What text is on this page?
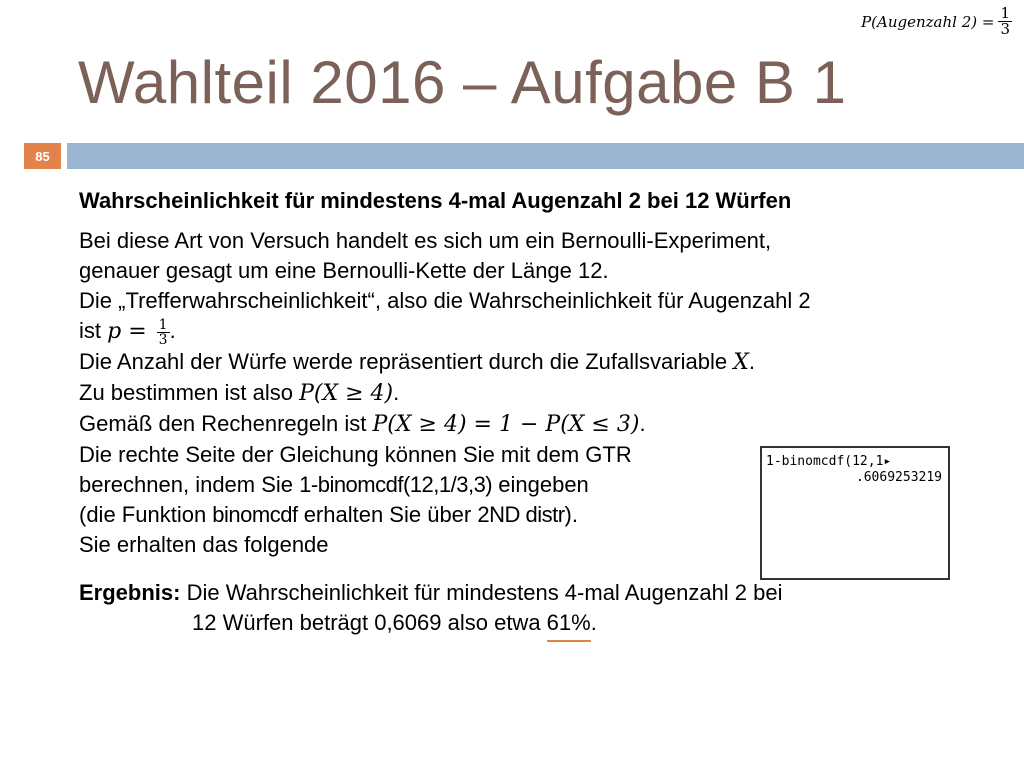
P(Augenzahl $2) = \frac{1}{3}$
Wahlteil 2016 – Aufgabe B 1
85
Wahrscheinlichkeit für mindestens 4-mal Augenzahl 2 bei 12 Würfen
Bei diese Art von Versuch handelt es sich um ein Bernoulli-Experiment,
genauer gesagt um eine Bernoulli-Kette der Länge 12.
Die „Trefferwahrscheinlichkeit“, also die Wahrscheinlichkeit für Augenzahl 2
ist $p = \frac{1}{3}$ .
Die Anzahl der Würfe werde repräsentiert durch die Zufallsvariable X.
Zu bestimmen ist also P(X ≥ 4).
Gemäß den Rechenregeln ist P(X ≥ 4) = 1 − P(X ≤ 3).
Die rechte Seite der Gleichung können Sie mit dem GTR
berechnen, indem Sie 1-binomcdf(12,1/3,3) eingeben
(die Funktion binomcdf erhalten Sie über 2ND distr).
Sie erhalten das folgende
Ergebnis: Die Wahrscheinlichkeit für mindestens 4-mal Augenzahl 2 bei
12 Würfen beträgt 0,6069 also etwa 61%.
1-binomcdf(12,1▸
.6069253219
